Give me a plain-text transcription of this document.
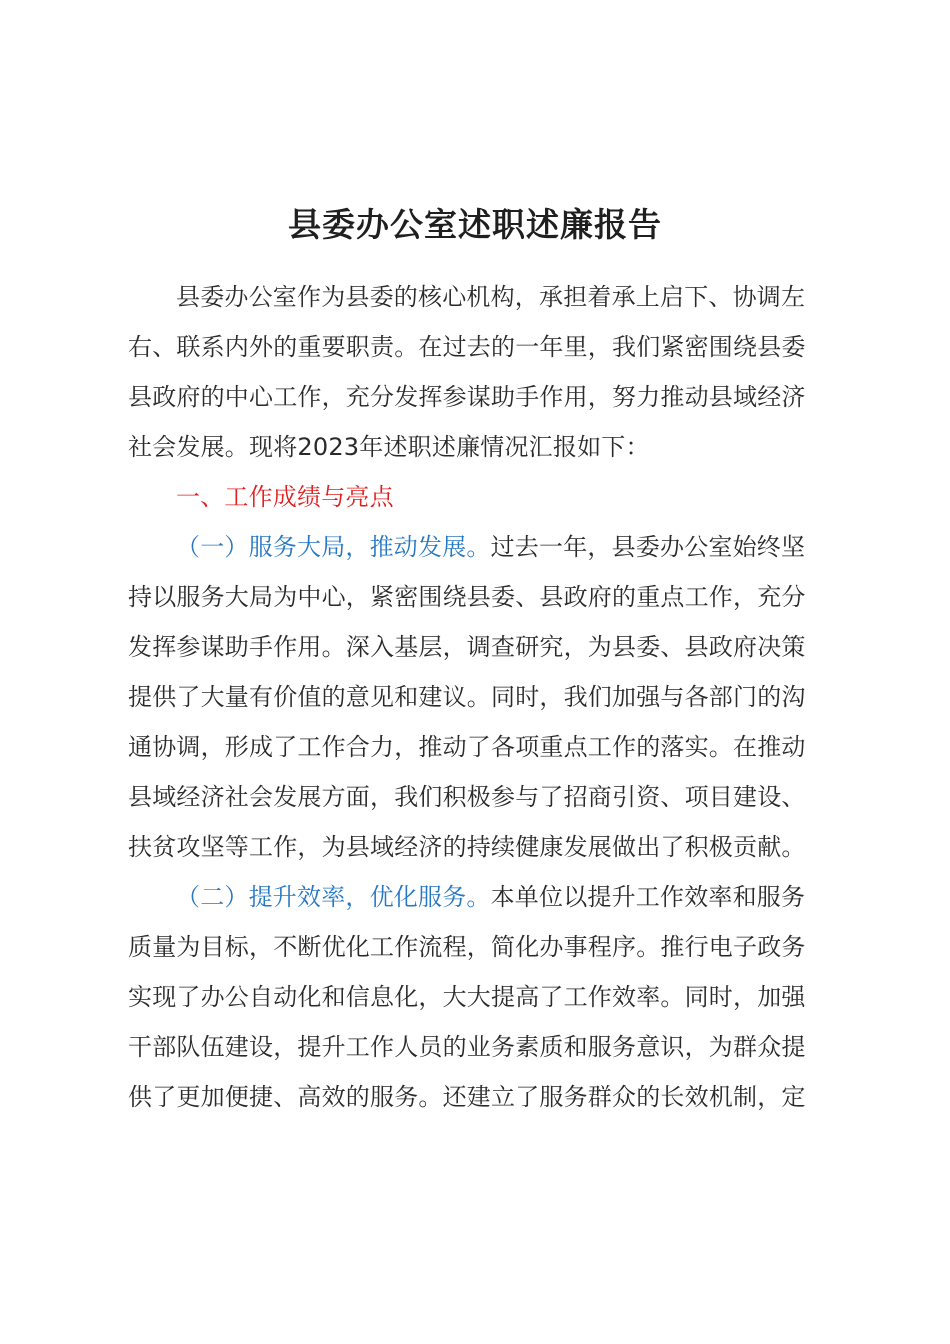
县委办公室述职述廉报告
县委办公室作为县委的核心机构，承担着承上启下、协调左
右、联系内外的重要职责。在过去的一年里，我们紧密围绕县委
县政府的中心工作，充分发挥参谋助手作用，努力推动县域经济
社会发展。现将2023年述职述廉情况汇报如下：
一、工作成绩与亮点
（一）服务大局，推动发展。过去一年，县委办公室始终坚
持以服务大局为中心，紧密围绕县委、县政府的重点工作，充分
发挥参谋助手作用。深入基层，调查研究，为县委、县政府决策
提供了大量有价值的意见和建议。同时，我们加强与各部门的沟
通协调，形成了工作合力，推动了各项重点工作的落实。在推动
县域经济社会发展方面，我们积极参与了招商引资、项目建设、
扶贫攻坚等工作，为县域经济的持续健康发展做出了积极贡献。
（二）提升效率，优化服务。本单位以提升工作效率和服务
质量为目标，不断优化工作流程，简化办事程序。推行电子政务
实现了办公自动化和信息化，大大提高了工作效率。同时，加强
干部队伍建设，提升工作人员的业务素质和服务意识，为群众提
供了更加便捷、高效的服务。还建立了服务群众的长效机制，定
